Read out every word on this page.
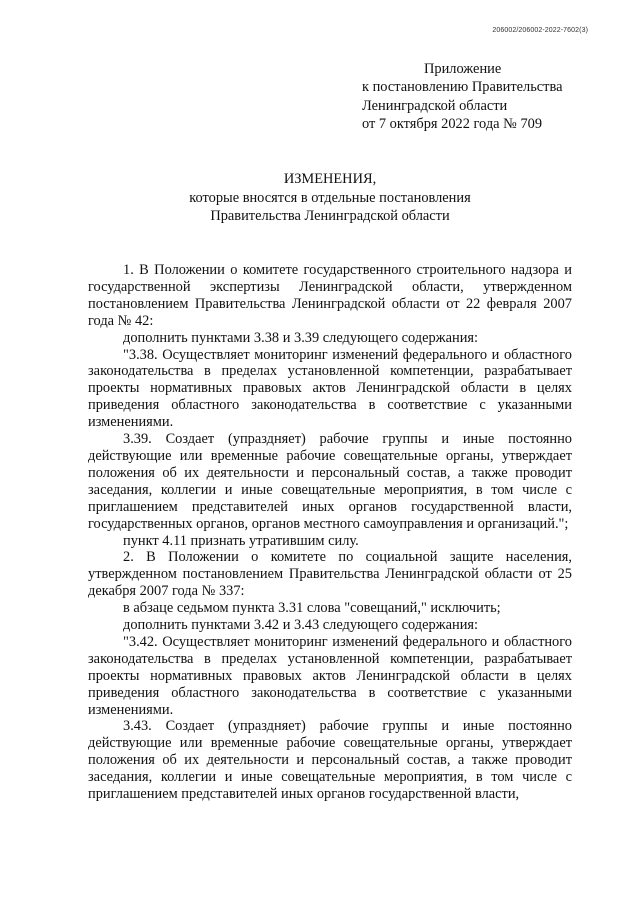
206002/206002-2022-7602(3)
Приложение
к постановлению Правительства
Ленинградской области
от 7 октября 2022 года № 709
ИЗМЕНЕНИЯ,
которые вносятся в отдельные постановления
Правительства Ленинградской области

1. В Положении о комитете государственного строительного надзора и государственной экспертизы Ленинградской области, утвержденном постановлением Правительства Ленинградской области от 22 февраля 2007 года № 42:

дополнить пунктами 3.38 и 3.39 следующего содержания:

"3.38. Осуществляет мониторинг изменений федерального и областного законодательства в пределах установленной компетенции, разрабатывает проекты нормативных правовых актов Ленинградской области в целях приведения областного законодательства в соответствие с указанными изменениями.

3.39. Создает (упраздняет) рабочие группы и иные постоянно действующие или временные рабочие совещательные органы, утверждает положения об их деятельности и персональный состав, а также проводит заседания, коллегии и иные совещательные мероприятия, в том числе с приглашением представителей иных органов государственной власти, государственных органов, органов местного самоуправления и организаций.";

пункт 4.11 признать утратившим силу.

2. В Положении о комитете по социальной защите населения, утвержденном постановлением Правительства Ленинградской области от 25 декабря 2007 года № 337:

в абзаце седьмом пункта 3.31 слова "совещаний," исключить;

дополнить пунктами 3.42 и 3.43 следующего содержания:

"3.42. Осуществляет мониторинг изменений федерального и областного законодательства в пределах установленной компетенции, разрабатывает проекты нормативных правовых актов Ленинградской области в целях приведения областного законодательства в соответствие с указанными изменениями.

3.43. Создает (упраздняет) рабочие группы и иные постоянно действующие или временные рабочие совещательные органы, утверждает положения об их деятельности и персональный состав, а также проводит заседания, коллегии и иные совещательные мероприятия, в том числе с приглашением представителей иных органов государственной власти,
